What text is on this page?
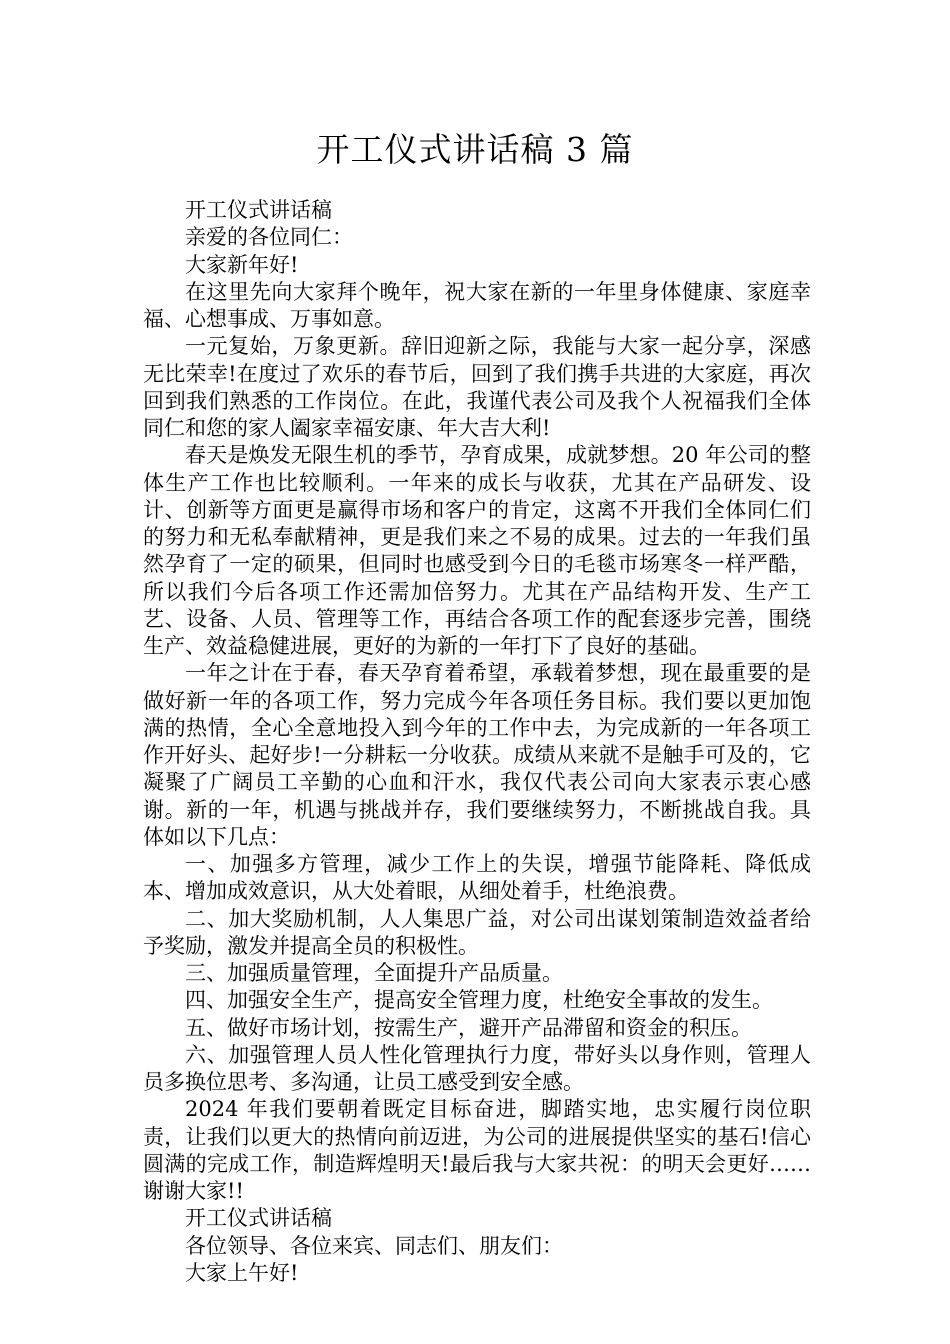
开工仪式讲话稿 3 篇

开工仪式讲话稿

亲爱的各位同仁：

大家新年好!

在这里先向大家拜个晚年，祝大家在新的一年里身体健康、家庭幸福、心想事成、万事如意。

一元复始，万象更新。辞旧迎新之际，我能与大家一起分享，深感无比荣幸!在度过了欢乐的春节后，回到了我们携手共进的大家庭，再次回到我们熟悉的工作岗位。在此，我谨代表公司及我个人祝福我们全体同仁和您的家人阖家幸福安康、年大吉大利!

春天是焕发无限生机的季节，孕育成果，成就梦想。20 年公司的整体生产工作也比较顺利。一年来的成长与收获，尤其在产品研发、设计、创新等方面更是赢得市场和客户的肯定，这离不开我们全体同仁们的努力和无私奉献精神，更是我们来之不易的成果。过去的一年我们虽然孕育了一定的硕果，但同时也感受到今日的毛毯市场寒冬一样严酷，所以我们今后各项工作还需加倍努力。尤其在产品结构开发、生产工艺、设备、人员、管理等工作，再结合各项工作的配套逐步完善，围绕生产、效益稳健进展，更好的为新的一年打下了良好的基础。

一年之计在于春，春天孕育着希望，承载着梦想，现在最重要的是做好新一年的各项工作，努力完成今年各项任务目标。我们要以更加饱满的热情，全心全意地投入到今年的工作中去，为完成新的一年各项工作开好头、起好步!一分耕耘一分收获。成绩从来就不是触手可及的，它凝聚了广阔员工辛勤的心血和汗水，我仅代表公司向大家表示衷心感谢。新的一年，机遇与挑战并存，我们要继续努力，不断挑战自我。具体如以下几点：

一、加强多方管理，减少工作上的失误，增强节能降耗、降低成本、增加成效意识，从大处着眼，从细处着手，杜绝浪费。

二、加大奖励机制，人人集思广益，对公司出谋划策制造效益者给予奖励，激发并提高全员的积极性。

三、加强质量管理，全面提升产品质量。

四、加强安全生产，提高安全管理力度，杜绝安全事故的发生。

五、做好市场计划，按需生产，避开产品滞留和资金的积压。

六、加强管理人员人性化管理执行力度，带好头以身作则，管理人员多换位思考、多沟通，让员工感受到安全感。

2024 年我们要朝着既定目标奋进，脚踏实地，忠实履行岗位职责，让我们以更大的热情向前迈进，为公司的进展提供坚实的基石!信心圆满的完成工作，制造辉煌明天!最后我与大家共祝：的明天会更好……谢谢大家!!

开工仪式讲话稿

各位领导、各位来宾、同志们、朋友们：

大家上午好!
